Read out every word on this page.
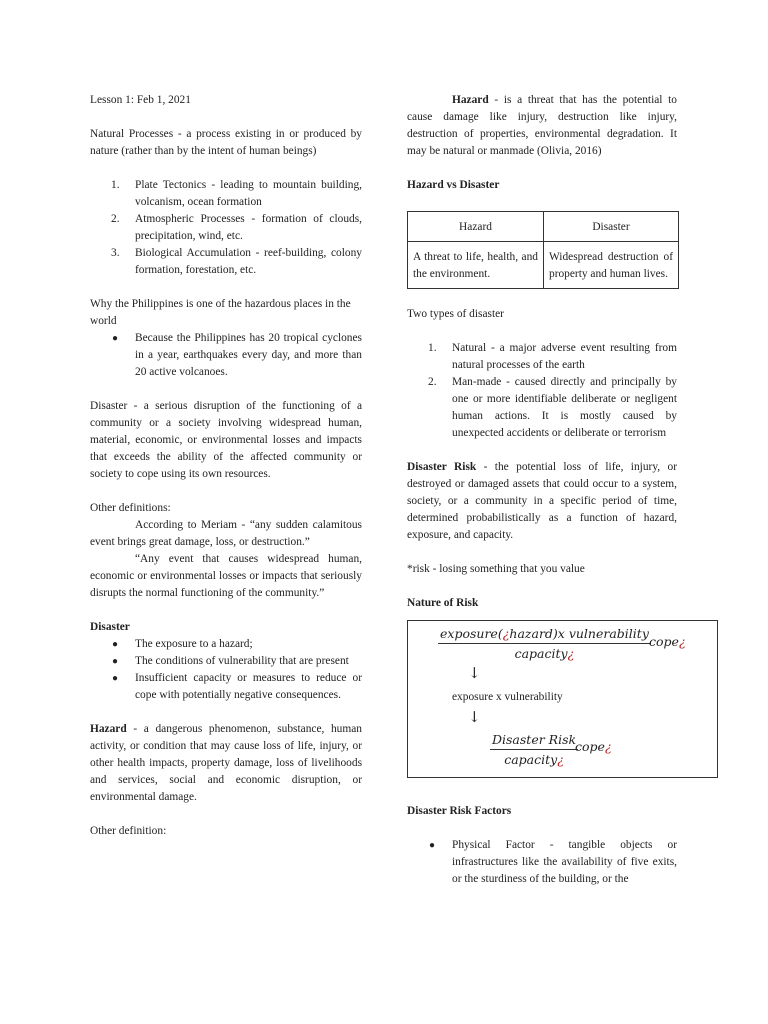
Lesson 1: Feb 1, 2021

Natural Processes - a process existing in or produced by nature (rather than by the intent of human beings)

1. Plate Tectonics - leading to mountain building, volcanism, ocean formation
2. Atmospheric Processes - formation of clouds, precipitation, wind, etc.
3. Biological Accumulation - reef-building, colony formation, forestation, etc.

Why the Philippines is one of the hazardous places in the world

● Because the Philippines has 20 tropical cyclones in a year, earthquakes every day, and more than 20 active volcanoes.

Disaster - a serious disruption of the functioning of a community or a society involving widespread human, material, economic, or environmental losses and impacts that exceeds the ability of the affected community or society to cope using its own resources.

Other definitions:

According to Meriam - “any sudden calamitous event brings great damage, loss, or destruction.”

“Any event that causes widespread human, economic or environmental losses or impacts that seriously disrupts the normal functioning of the community.”

Disaster

● The exposure to a hazard;
● The conditions of vulnerability that are present
● Insufficient capacity or measures to reduce or cope with potentially negative consequences.

Hazard - a dangerous phenomenon, substance, human activity, or condition that may cause loss of life, injury, or other health impacts, property damage, loss of livelihoods and services, social and economic disruption, or environmental damage.

Other definition:

Hazard - is a threat that has the potential to cause damage like injury, destruction like injury, destruction of properties, environmental degradation. It may be natural or manmade (Olivia, 2016)

Hazard vs Disaster

Hazard	Disaster
A threat to life, health, and the environment.	Widespread destruction of property and human lives.

Two types of disaster

1. Natural - a major adverse event resulting from natural processes of the earth
2. Man-made - caused directly and principally by one or more identifiable deliberate or negligent human actions. It is mostly caused by unexpected accidents or deliberate or terrorism

Disaster Risk - the potential loss of life, injury, or destroyed or damaged assets that could occur to a system, society, or a community in a specific period of time, determined probabilistically as a function of hazard, exposure, and capacity.

*risk - losing something that you value

Nature of Risk

exposure(¿hazard)x vulnerability
capacity¿
cope¿
↓
exposure x vulnerability
↓
Disaster Risk
capacity¿
cope¿

Disaster Risk Factors

● Physical Factor - tangible objects or infrastructures like the availability of five exits, or the sturdiness of the building, or the
